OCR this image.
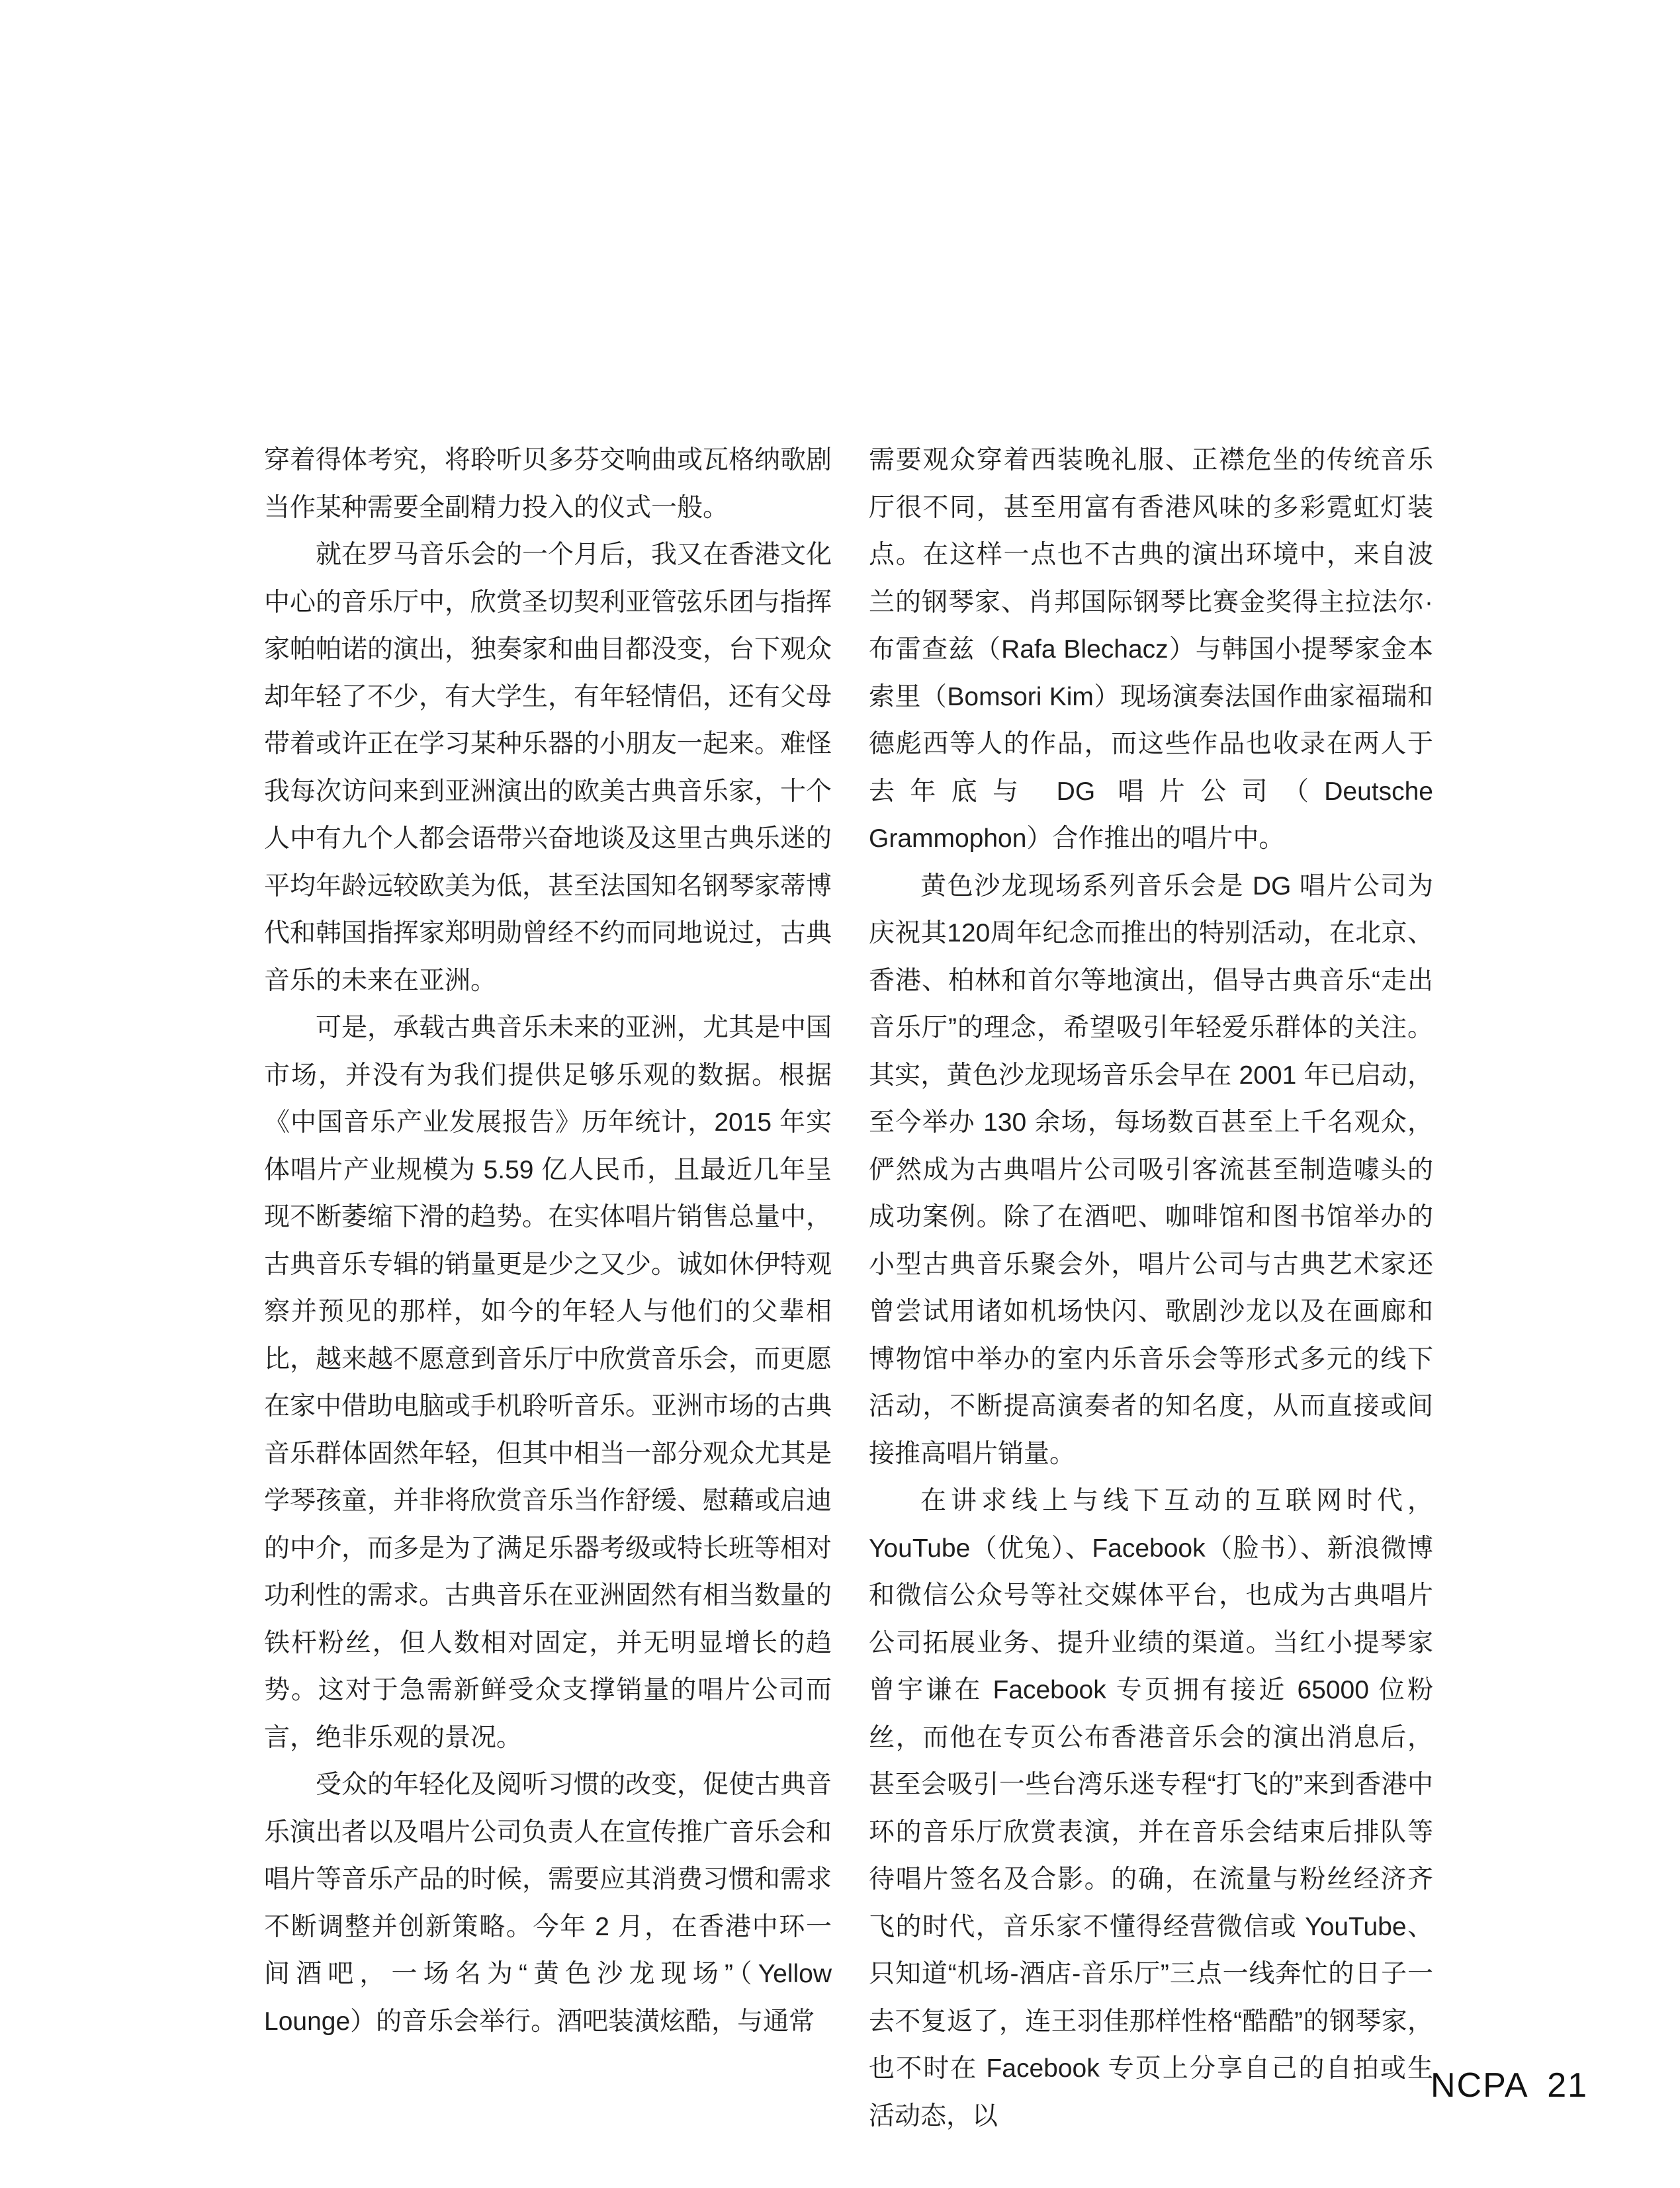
穿着得体考究，将聆听贝多芬交响曲或瓦格纳歌剧当作某种需要全副精力投入的仪式一般。

就在罗马音乐会的一个月后，我又在香港文化中心的音乐厅中，欣赏圣切契利亚管弦乐团与指挥家帕帕诺的演出，独奏家和曲目都没变，台下观众却年轻了不少，有大学生，有年轻情侣，还有父母带着或许正在学习某种乐器的小朋友一起来。难怪我每次访问来到亚洲演出的欧美古典音乐家，十个人中有九个人都会语带兴奋地谈及这里古典乐迷的平均年龄远较欧美为低，甚至法国知名钢琴家蒂博代和韩国指挥家郑明勋曾经不约而同地说过，古典音乐的未来在亚洲。

可是，承载古典音乐未来的亚洲，尤其是中国市场，并没有为我们提供足够乐观的数据。根据《中国音乐产业发展报告》历年统计，2015 年实体唱片产业规模为 5.59 亿人民币，且最近几年呈现不断萎缩下滑的趋势。在实体唱片销售总量中，古典音乐专辑的销量更是少之又少。诚如休伊特观察并预见的那样，如今的年轻人与他们的父辈相比，越来越不愿意到音乐厅中欣赏音乐会，而更愿在家中借助电脑或手机聆听音乐。亚洲市场的古典音乐群体固然年轻，但其中相当一部分观众尤其是学琴孩童，并非将欣赏音乐当作舒缓、慰藉或启迪的中介，而多是为了满足乐器考级或特长班等相对功利性的需求。古典音乐在亚洲固然有相当数量的铁杆粉丝，但人数相对固定，并无明显增长的趋势。这对于急需新鲜受众支撑销量的唱片公司而言，绝非乐观的景况。

受众的年轻化及阅听习惯的改变，促使古典音乐演出者以及唱片公司负责人在宣传推广音乐会和唱片等音乐产品的时候，需要应其消费习惯和需求不断调整并创新策略。今年 2 月，在香港中环一间酒吧，一场名为“黄色沙龙现场”（Yellow Lounge）的音乐会举行。酒吧装潢炫酷，与通常

需要观众穿着西装晚礼服、正襟危坐的传统音乐厅很不同，甚至用富有香港风味的多彩霓虹灯装点。在这样一点也不古典的演出环境中，来自波兰的钢琴家、肖邦国际钢琴比赛金奖得主拉法尔·布雷查兹（Rafa Blechacz）与韩国小提琴家金本索里（Bomsori Kim）现场演奏法国作曲家福瑞和德彪西等人的作品，而这些作品也收录在两人于去年底与 DG 唱片公司（Deutsche Grammophon）合作推出的唱片中。

黄色沙龙现场系列音乐会是 DG 唱片公司为庆祝其120周年纪念而推出的特别活动，在北京、香港、柏林和首尔等地演出，倡导古典音乐“走出音乐厅”的理念，希望吸引年轻爱乐群体的关注。其实，黄色沙龙现场音乐会早在 2001 年已启动，至今举办 130 余场，每场数百甚至上千名观众，俨然成为古典唱片公司吸引客流甚至制造噱头的成功案例。除了在酒吧、咖啡馆和图书馆举办的小型古典音乐聚会外，唱片公司与古典艺术家还曾尝试用诸如机场快闪、歌剧沙龙以及在画廊和博物馆中举办的室内乐音乐会等形式多元的线下活动，不断提高演奏者的知名度，从而直接或间接推高唱片销量。

在讲求线上与线下互动的互联网时代，YouTube（优兔）、Facebook（脸书）、新浪微博和微信公众号等社交媒体平台，也成为古典唱片公司拓展业务、提升业绩的渠道。当红小提琴家曾宇谦在 Facebook 专页拥有接近 65000 位粉丝，而他在专页公布香港音乐会的演出消息后，甚至会吸引一些台湾乐迷专程“打飞的”来到香港中环的音乐厅欣赏表演，并在音乐会结束后排队等待唱片签名及合影。的确，在流量与粉丝经济齐飞的时代，音乐家不懂得经营微信或 YouTube、只知道“机场-酒店-音乐厅”三点一线奔忙的日子一去不复返了，连王羽佳那样性格“酷酷”的钢琴家，也不时在 Facebook 专页上分享自己的自拍或生活动态，以

NCPA 21
